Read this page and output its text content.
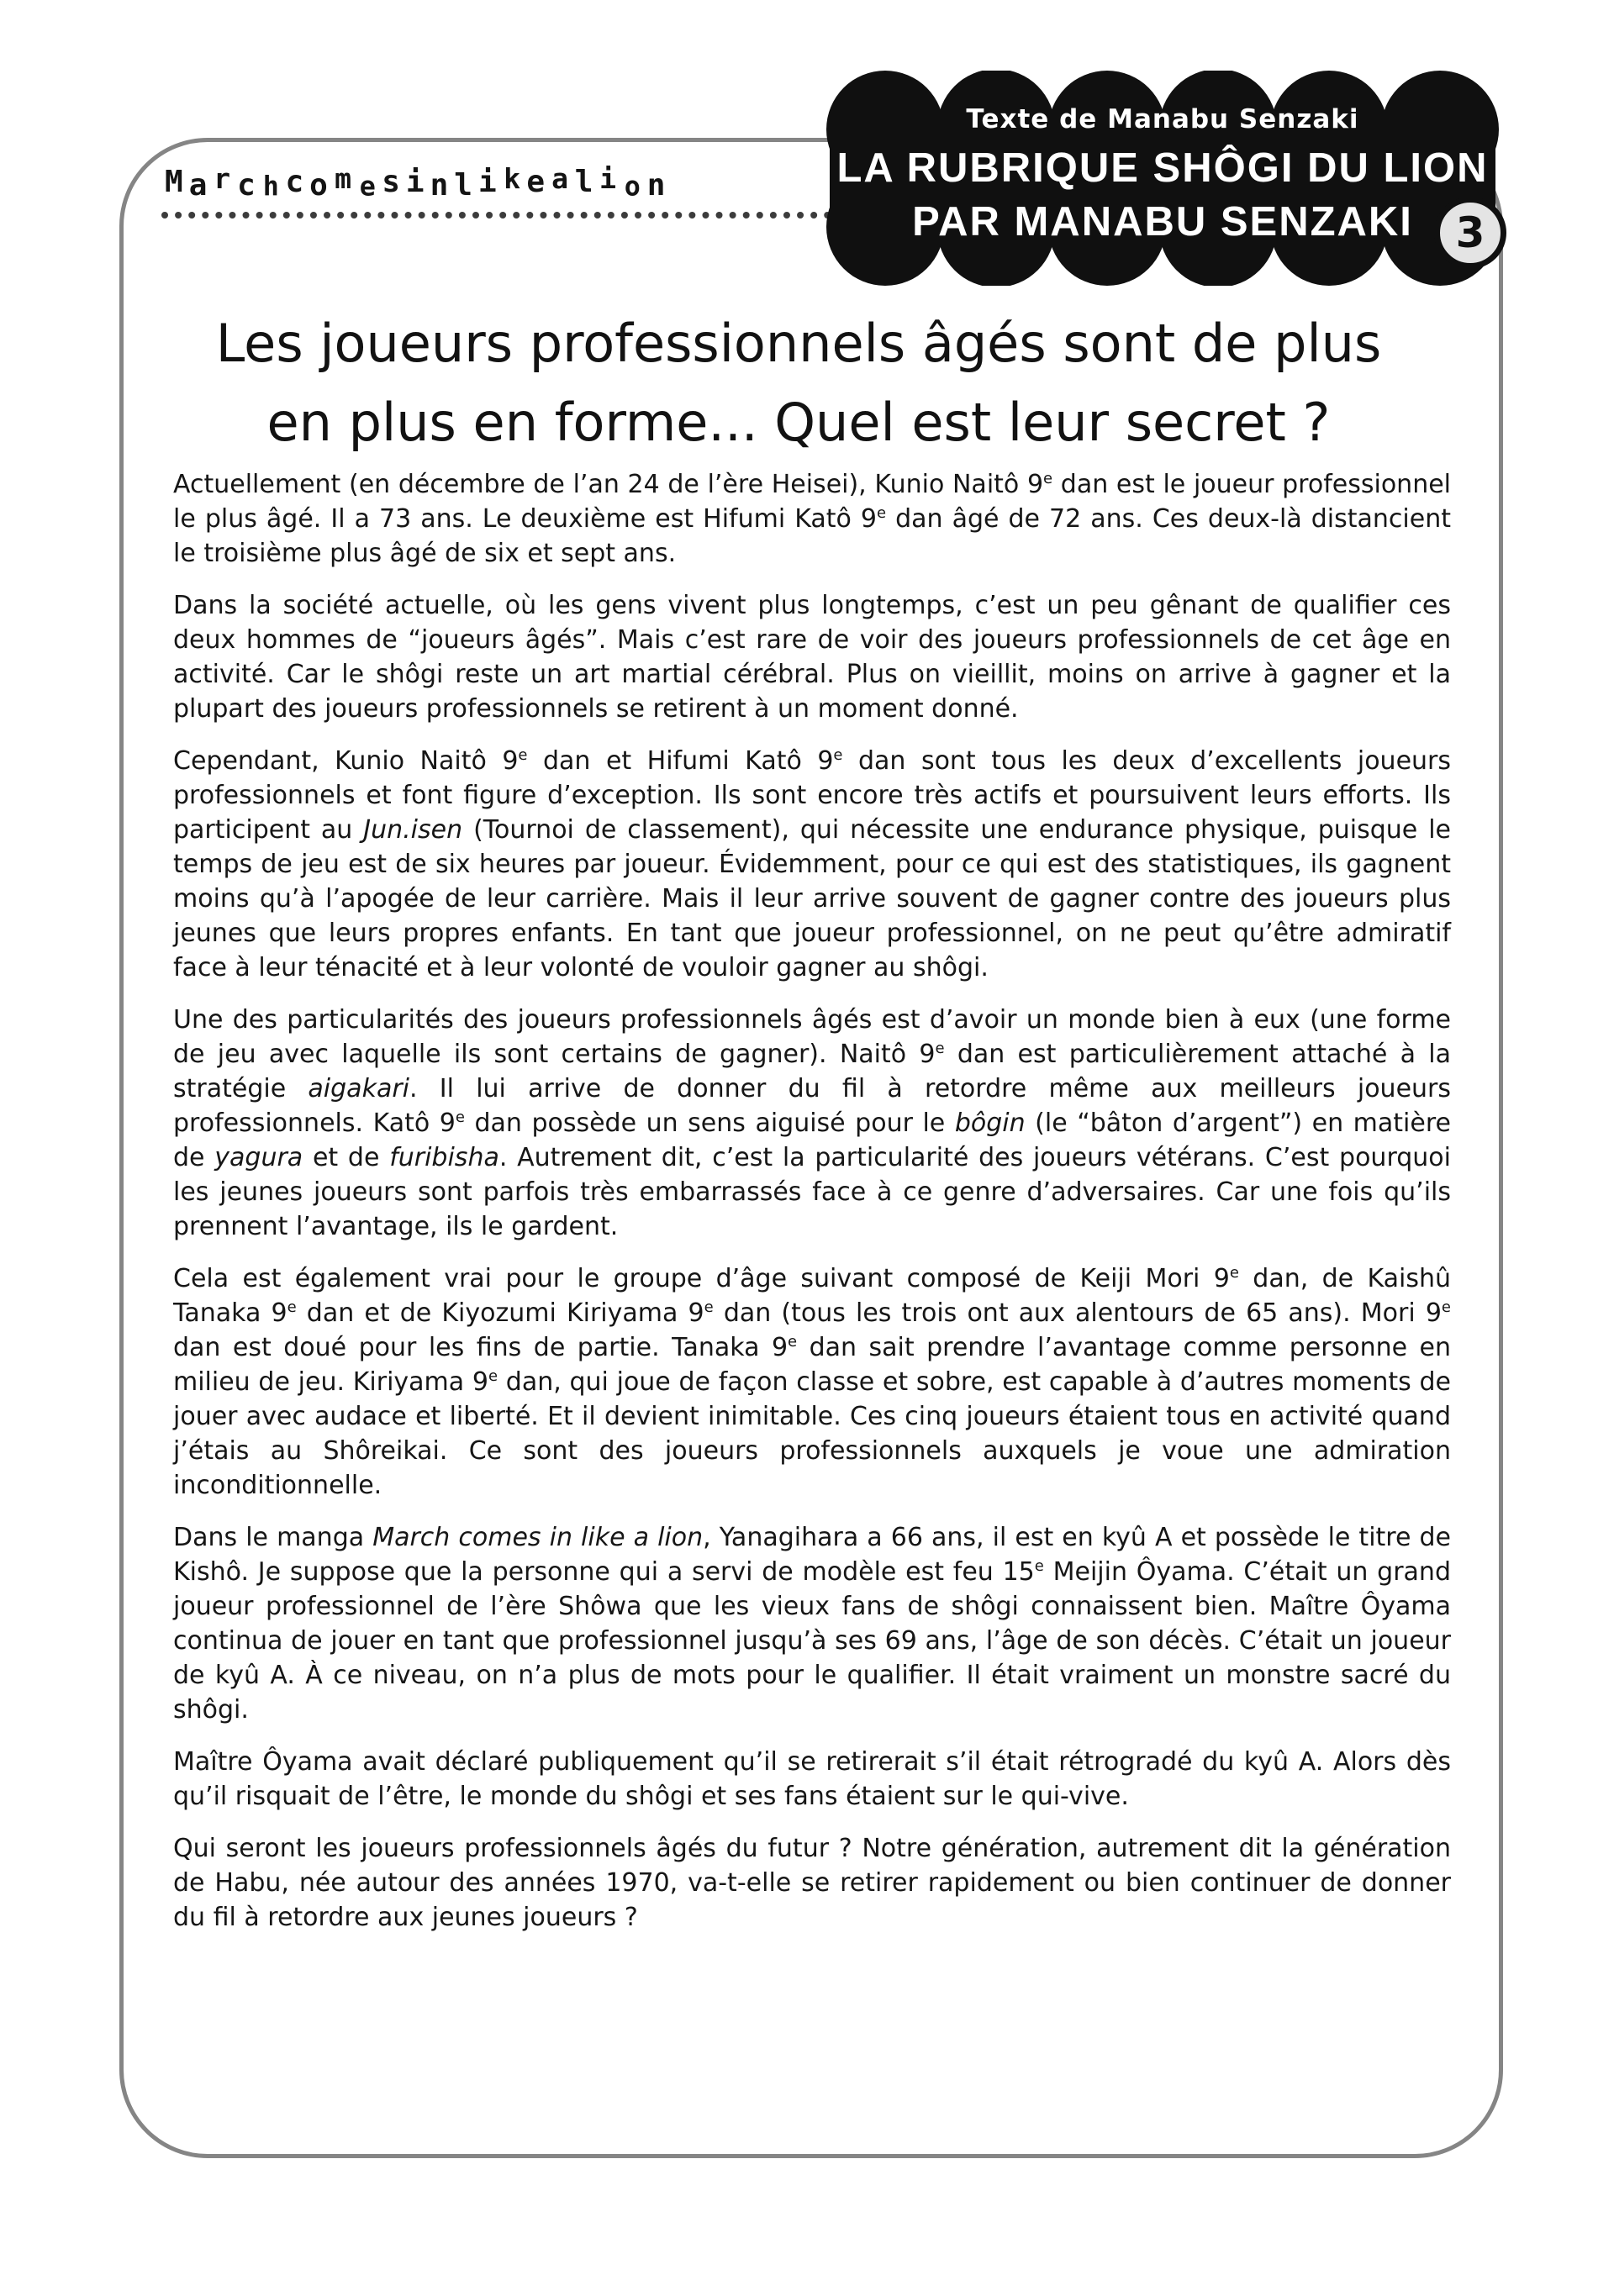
Marchcomesinlikealion
Texte de Manabu Senzaki
LA RUBRIQUE SHÔGI DU LION
PAR MANABU SENZAKI	3
Les joueurs professionnels âgés sont de plus
en plus en forme... Quel est leur secret ?

Actuellement (en décembre de l’an 24 de l’ère Heisei), Kunio Naitô 9e dan est le joueur professionnel le plus âgé. Il a 73 ans. Le deuxième est Hifumi Katô 9e dan âgé de 72 ans. Ces deux-là distancient le troisième plus âgé de six et sept ans.

Dans la société actuelle, où les gens vivent plus longtemps, c’est un peu gênant de qualifier ces deux hommes de “joueurs âgés”. Mais c’est rare de voir des joueurs professionnels de cet âge en activité. Car le shôgi reste un art martial cérébral. Plus on vieillit, moins on arrive à gagner et la plupart des joueurs professionnels se retirent à un moment donné.

Cependant, Kunio Naitô 9e dan et Hifumi Katô 9e dan sont tous les deux d’excellents joueurs professionnels et font figure d’exception. Ils sont encore très actifs et poursuivent leurs efforts. Ils participent au Jun.isen (Tournoi de classement), qui nécessite une endurance physique, puisque le temps de jeu est de six heures par joueur. Évidemment, pour ce qui est des statistiques, ils gagnent moins qu’à l’apogée de leur carrière. Mais il leur arrive souvent de gagner contre des joueurs plus jeunes que leurs propres enfants. En tant que joueur professionnel, on ne peut qu’être admiratif face à leur ténacité et à leur volonté de vouloir gagner au shôgi.

Une des particularités des joueurs professionnels âgés est d’avoir un monde bien à eux (une forme de jeu avec laquelle ils sont certains de gagner). Naitô 9e dan est particulièrement attaché à la stratégie aigakari. Il lui arrive de donner du fil à retordre même aux meilleurs joueurs professionnels. Katô 9e dan possède un sens aiguisé pour le bôgin (le “bâton d’argent”) en matière de yagura et de furibisha. Autrement dit, c’est la particularité des joueurs vétérans. C’est pourquoi les jeunes joueurs sont parfois très embarrassés face à ce genre d’adversaires. Car une fois qu’ils prennent l’avantage, ils le gardent.

Cela est également vrai pour le groupe d’âge suivant composé de Keiji Mori 9e dan, de Kaishû Tanaka 9e dan et de Kiyozumi Kiriyama 9e dan (tous les trois ont aux alentours de 65 ans). Mori 9e dan est doué pour les fins de partie. Tanaka 9e dan sait prendre l’avantage comme personne en milieu de jeu. Kiriyama 9e dan, qui joue de façon classe et sobre, est capable à d’autres moments de jouer avec audace et liberté. Et il devient inimitable. Ces cinq joueurs étaient tous en activité quand j’étais au Shôreikai. Ce sont des joueurs professionnels auxquels je voue une admiration inconditionnelle.

Dans le manga March comes in like a lion, Yanagihara a 66 ans, il est en kyû A et possède le titre de Kishô. Je suppose que la personne qui a servi de modèle est feu 15e Meijin Ôyama. C’était un grand joueur professionnel de l’ère Shôwa que les vieux fans de shôgi connaissent bien. Maître Ôyama continua de jouer en tant que professionnel jusqu’à ses 69 ans, l’âge de son décès. C’était un joueur de kyû A. À ce niveau, on n’a plus de mots pour le qualifier. Il était vraiment un monstre sacré du shôgi.

Maître Ôyama avait déclaré publiquement qu’il se retirerait s’il était rétrogradé du kyû A. Alors dès qu’il risquait de l’être, le monde du shôgi et ses fans étaient sur le qui-vive.

Qui seront les joueurs professionnels âgés du futur ? Notre génération, autrement dit la génération de Habu, née autour des années 1970, va-t-elle se retirer rapidement ou bien continuer de donner du fil à retordre aux jeunes joueurs ?
